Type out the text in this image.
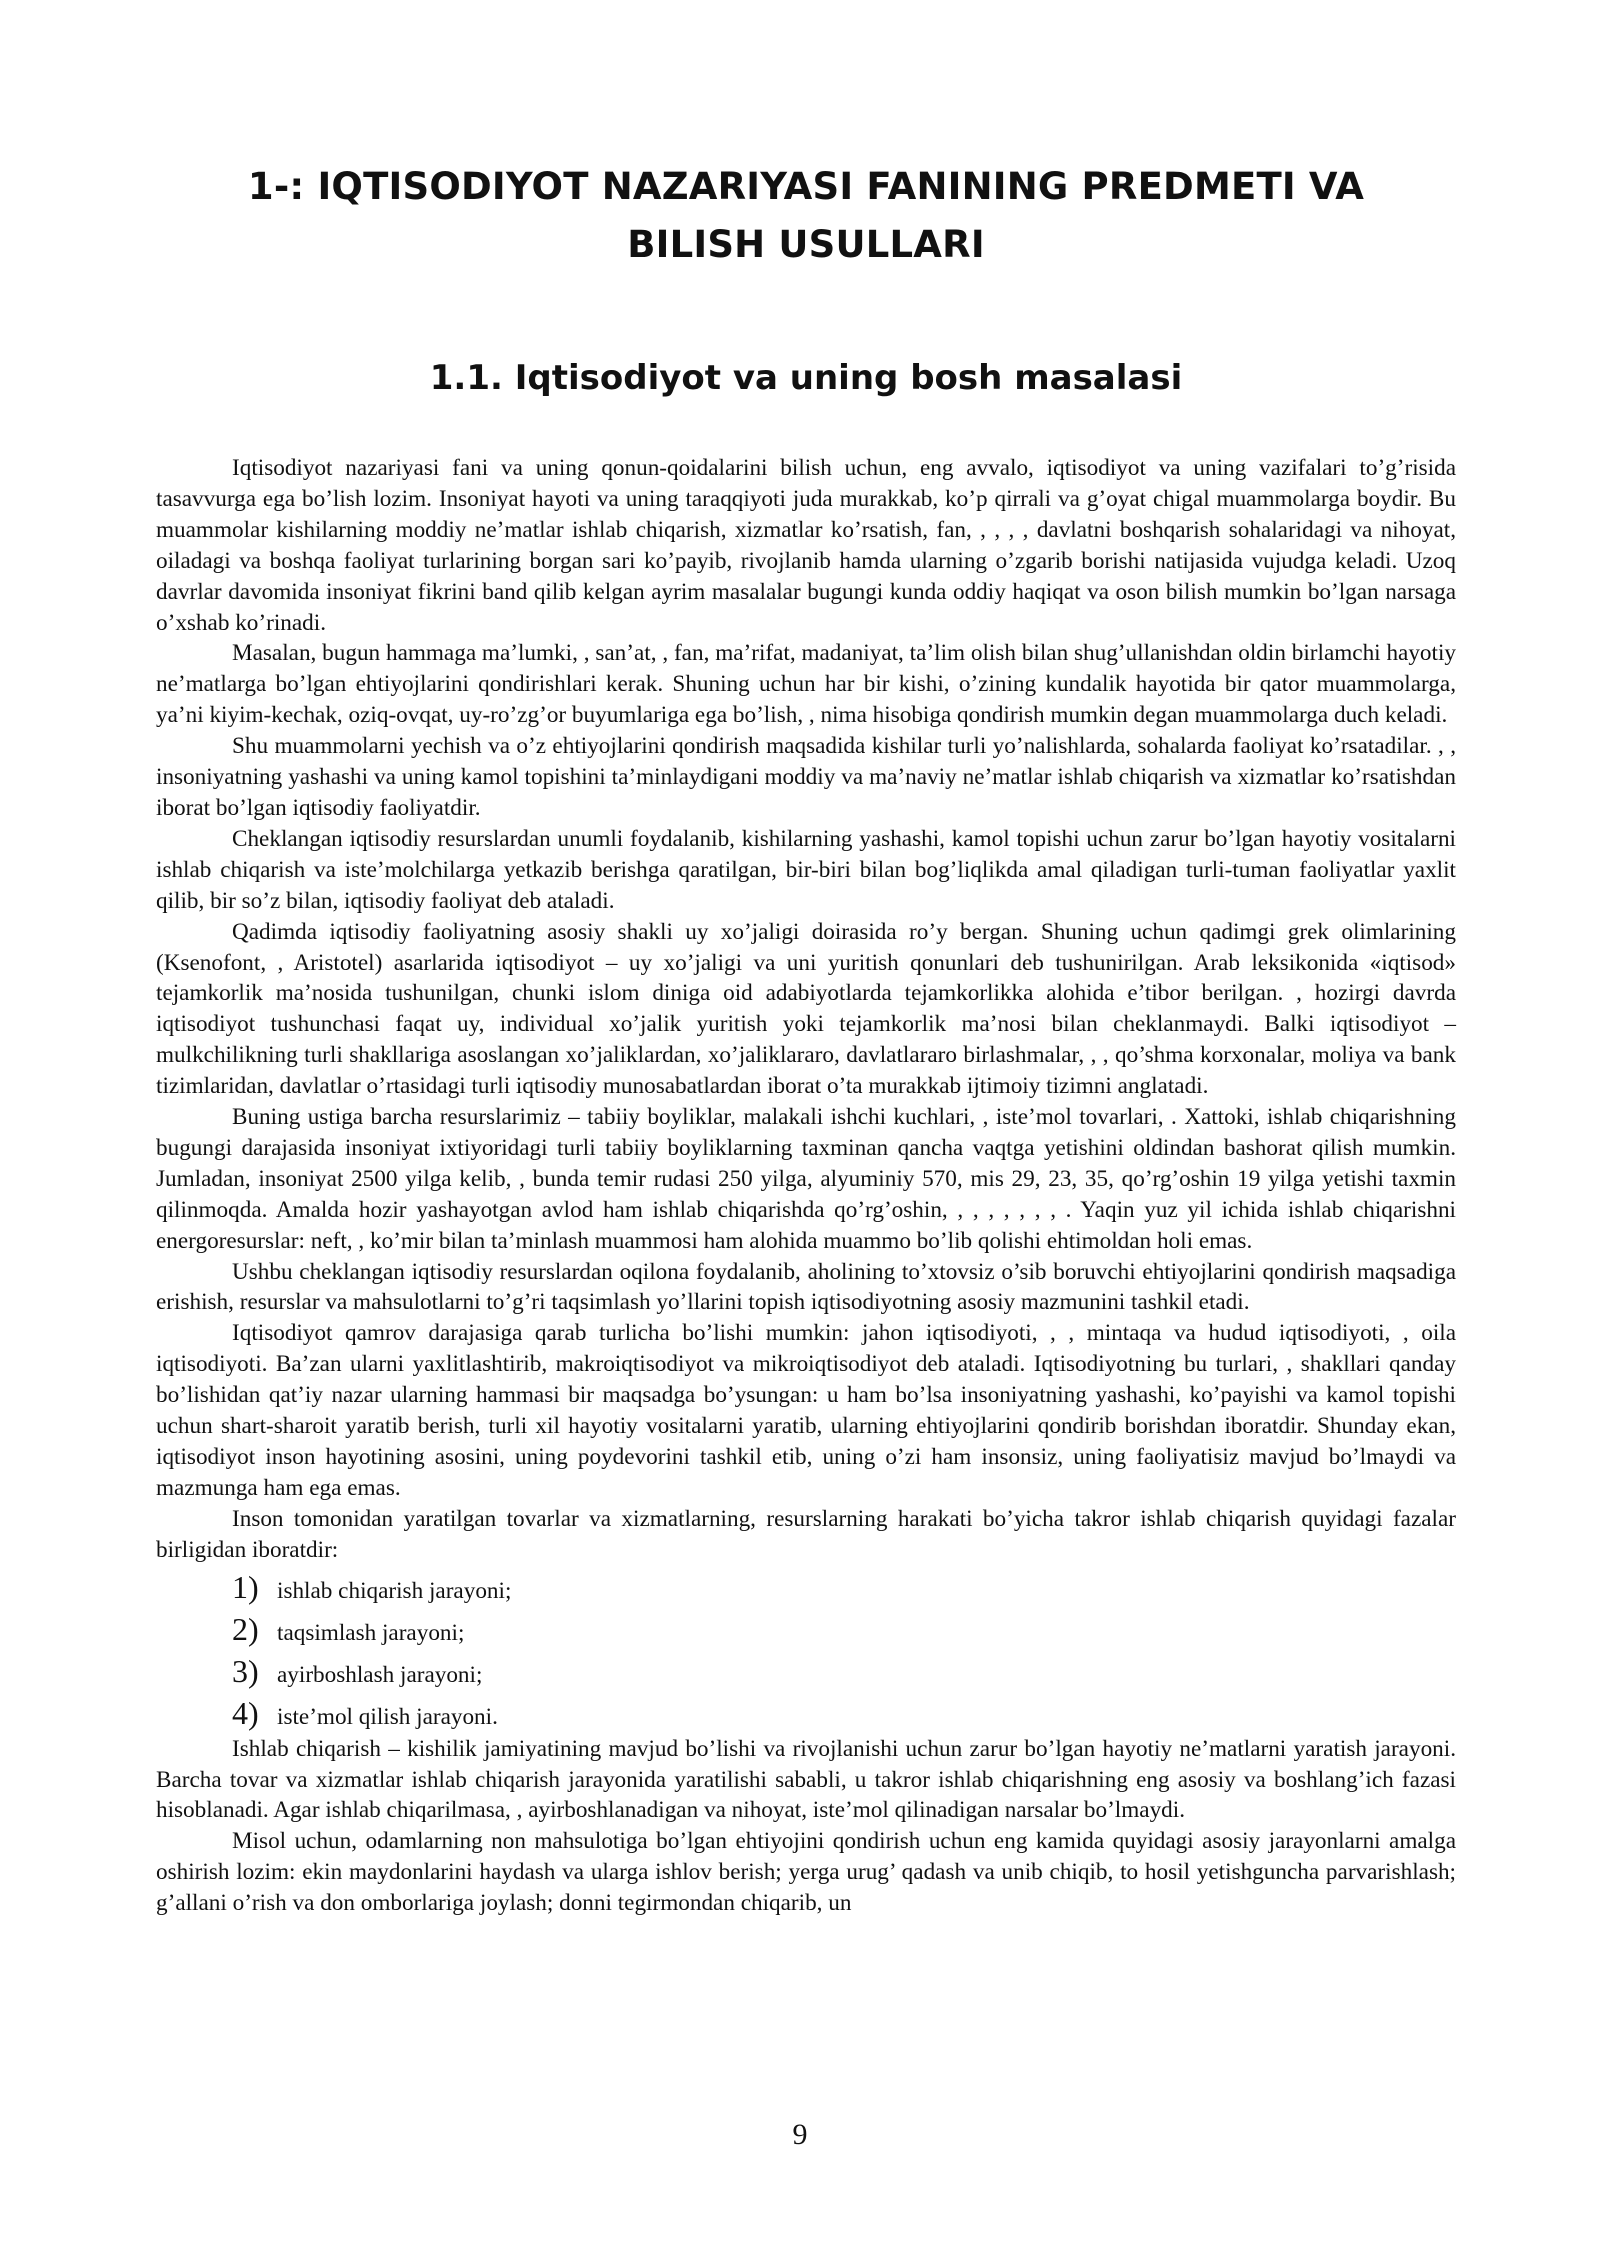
1-: IQTISODIYOT NAZARIYASI FANINING PREDMETI VA
BILISH USULLARI
1.1. Iqtisodiyot va uning bosh masalasi

Iqtisodiyot nazariyasi fani va uning qonun-qoidalarini bilish uchun, eng avvalo, iqtisodiyot va uning vazifalari to’g’risida tasavvurga ega bo’lish lozim. Insoniyat hayoti va uning taraqqiyoti juda murakkab, ko’p qirrali va g’oyat chigal muammolarga boydir. Bu muammolar kishilarning moddiy ne’matlar ishlab chiqarish, xizmatlar ko’rsatish, fan, , , , , davlatni boshqarish sohalaridagi va nihoyat, oiladagi va boshqa faoliyat turlarining borgan sari ko’payib, rivojlanib hamda ularning o’zgarib borishi natijasida vujudga keladi. Uzoq davrlar davomida insoniyat fikrini band qilib kelgan ayrim masalalar bugungi kunda oddiy haqiqat va oson bilish mumkin bo’lgan narsaga o’xshab ko’rinadi.

Masalan, bugun hammaga ma’lumki, , san’at, , fan, ma’rifat, madaniyat, ta’lim olish bilan shug’ullanishdan oldin birlamchi hayotiy ne’matlarga bo’lgan ehtiyojlarini qondirishlari kerak. Shuning uchun har bir kishi, o’zining kundalik hayotida bir qator muammolarga, ya’ni kiyim-kechak, oziq-ovqat, uy-ro’zg’or buyumlariga ega bo’lish, , nima hisobiga qondirish mumkin degan muammolarga duch keladi.

Shu muammolarni yechish va o’z ehtiyojlarini qondirish maqsadida kishilar turli yo’nalishlarda, sohalarda faoliyat ko’rsatadilar. , , insoniyatning yashashi va uning kamol topishini ta’minlaydigani moddiy va ma’naviy ne’matlar ishlab chiqarish va xizmatlar ko’rsatishdan iborat bo’lgan iqtisodiy faoliyatdir.

Cheklangan iqtisodiy resurslardan unumli foydalanib, kishilarning yashashi, kamol topishi uchun zarur bo’lgan hayotiy vositalarni ishlab chiqarish va iste’molchilarga yetkazib berishga qaratilgan, bir-biri bilan bog’liqlikda amal qiladigan turli-tuman faoliyatlar yaxlit qilib, bir so’z bilan, iqtisodiy faoliyat deb ataladi.

Qadimda iqtisodiy faoliyatning asosiy shakli uy xo’jaligi doirasida ro’y bergan. Shuning uchun qadimgi grek olimlarining (Ksenofont, , Aristotel) asarlarida iqtisodiyot – uy xo’jaligi va uni yuritish qonunlari deb tushunirilgan. Arab leksikonida «iqtisod» tejamkorlik ma’nosida tushunilgan, chunki islom diniga oid adabiyotlarda tejamkorlikka alohida e’tibor berilgan. , hozirgi davrda iqtisodiyot tushunchasi faqat uy, individual xo’jalik yuritish yoki tejamkorlik ma’nosi bilan cheklanmaydi. Balki iqtisodiyot – mulkchilikning turli shakllariga asoslangan xo’jaliklardan, xo’jaliklararo, davlatlararo birlashmalar, , , qo’shma korxonalar, moliya va bank tizimlaridan, davlatlar o’rtasidagi turli iqtisodiy munosabatlardan iborat o’ta murakkab ijtimoiy tizimni anglatadi.

Buning ustiga barcha resurslarimiz – tabiiy boyliklar, malakali ishchi kuchlari, , iste’mol tovarlari, . Xattoki, ishlab chiqarishning bugungi darajasida insoniyat ixtiyoridagi turli tabiiy boyliklarning taxminan qancha vaqtga yetishini oldindan bashorat qilish mumkin. Jumladan, insoniyat 2500 yilga kelib, , bunda temir rudasi 250 yilga, alyuminiy 570, mis 29, 23, 35, qo’rg’oshin 19 yilga yetishi taxmin qilinmoqda. Amalda hozir yashayotgan avlod ham ishlab chiqarishda qo’rg’oshin, , , , , , , , . Yaqin yuz yil ichida ishlab chiqarishni energoresurslar: neft, , ko’mir bilan ta’minlash muammosi ham alohida muammo bo’lib qolishi ehtimoldan holi emas.

Ushbu cheklangan iqtisodiy resurslardan oqilona foydalanib, aholining to’xtovsiz o’sib boruvchi ehtiyojlarini qondirish maqsadiga erishish, resurslar va mahsulotlarni to’g’ri taqsimlash yo’llarini topish iqtisodiyotning asosiy mazmunini tashkil etadi.

Iqtisodiyot qamrov darajasiga qarab turlicha bo’lishi mumkin: jahon iqtisodiyoti, , , mintaqa va hudud iqtisodiyoti, , oila iqtisodiyoti. Ba’zan ularni yaxlitlashtirib, makroiqtisodiyot va mikroiqtisodiyot deb ataladi. Iqtisodiyotning bu turlari, , shakllari qanday bo’lishidan qat’iy nazar ularning hammasi bir maqsadga bo’ysungan: u ham bo’lsa insoniyatning yashashi, ko’payishi va kamol topishi uchun shart-sharoit yaratib berish, turli xil hayotiy vositalarni yaratib, ularning ehtiyojlarini qondirib borishdan iboratdir. Shunday ekan, iqtisodiyot inson hayotining asosini, uning poydevorini tashkil etib, uning o’zi ham insonsiz, uning faoliyatisiz mavjud bo’lmaydi va mazmunga ham ega emas.

Inson tomonidan yaratilgan tovarlar va xizmatlarning, resurslarning harakati bo’yicha takror ishlab chiqarish quyidagi fazalar birligidan iboratdir:

1) ishlab chiqarish jarayoni;
2) taqsimlash jarayoni;
3) ayirboshlash jarayoni;
4) iste’mol qilish jarayoni.

Ishlab chiqarish – kishilik jamiyatining mavjud bo’lishi va rivojlanishi uchun zarur bo’lgan hayotiy ne’matlarni yaratish jarayoni. Barcha tovar va xizmatlar ishlab chiqarish jarayonida yaratilishi sababli, u takror ishlab chiqarishning eng asosiy va boshlang’ich fazasi hisoblanadi. Agar ishlab chiqarilmasa, , ayirboshlanadigan va nihoyat, iste’mol qilinadigan narsalar bo’lmaydi.

Misol uchun, odamlarning non mahsulotiga bo’lgan ehtiyojini qondirish uchun eng kamida quyidagi asosiy jarayonlarni amalga oshirish lozim: ekin maydonlarini haydash va ularga ishlov berish; yerga urug’ qadash va unib chiqib, to hosil yetishguncha parvarishlash; g’allani o’rish va don omborlariga joylash; donni tegirmondan chiqarib, un

9
